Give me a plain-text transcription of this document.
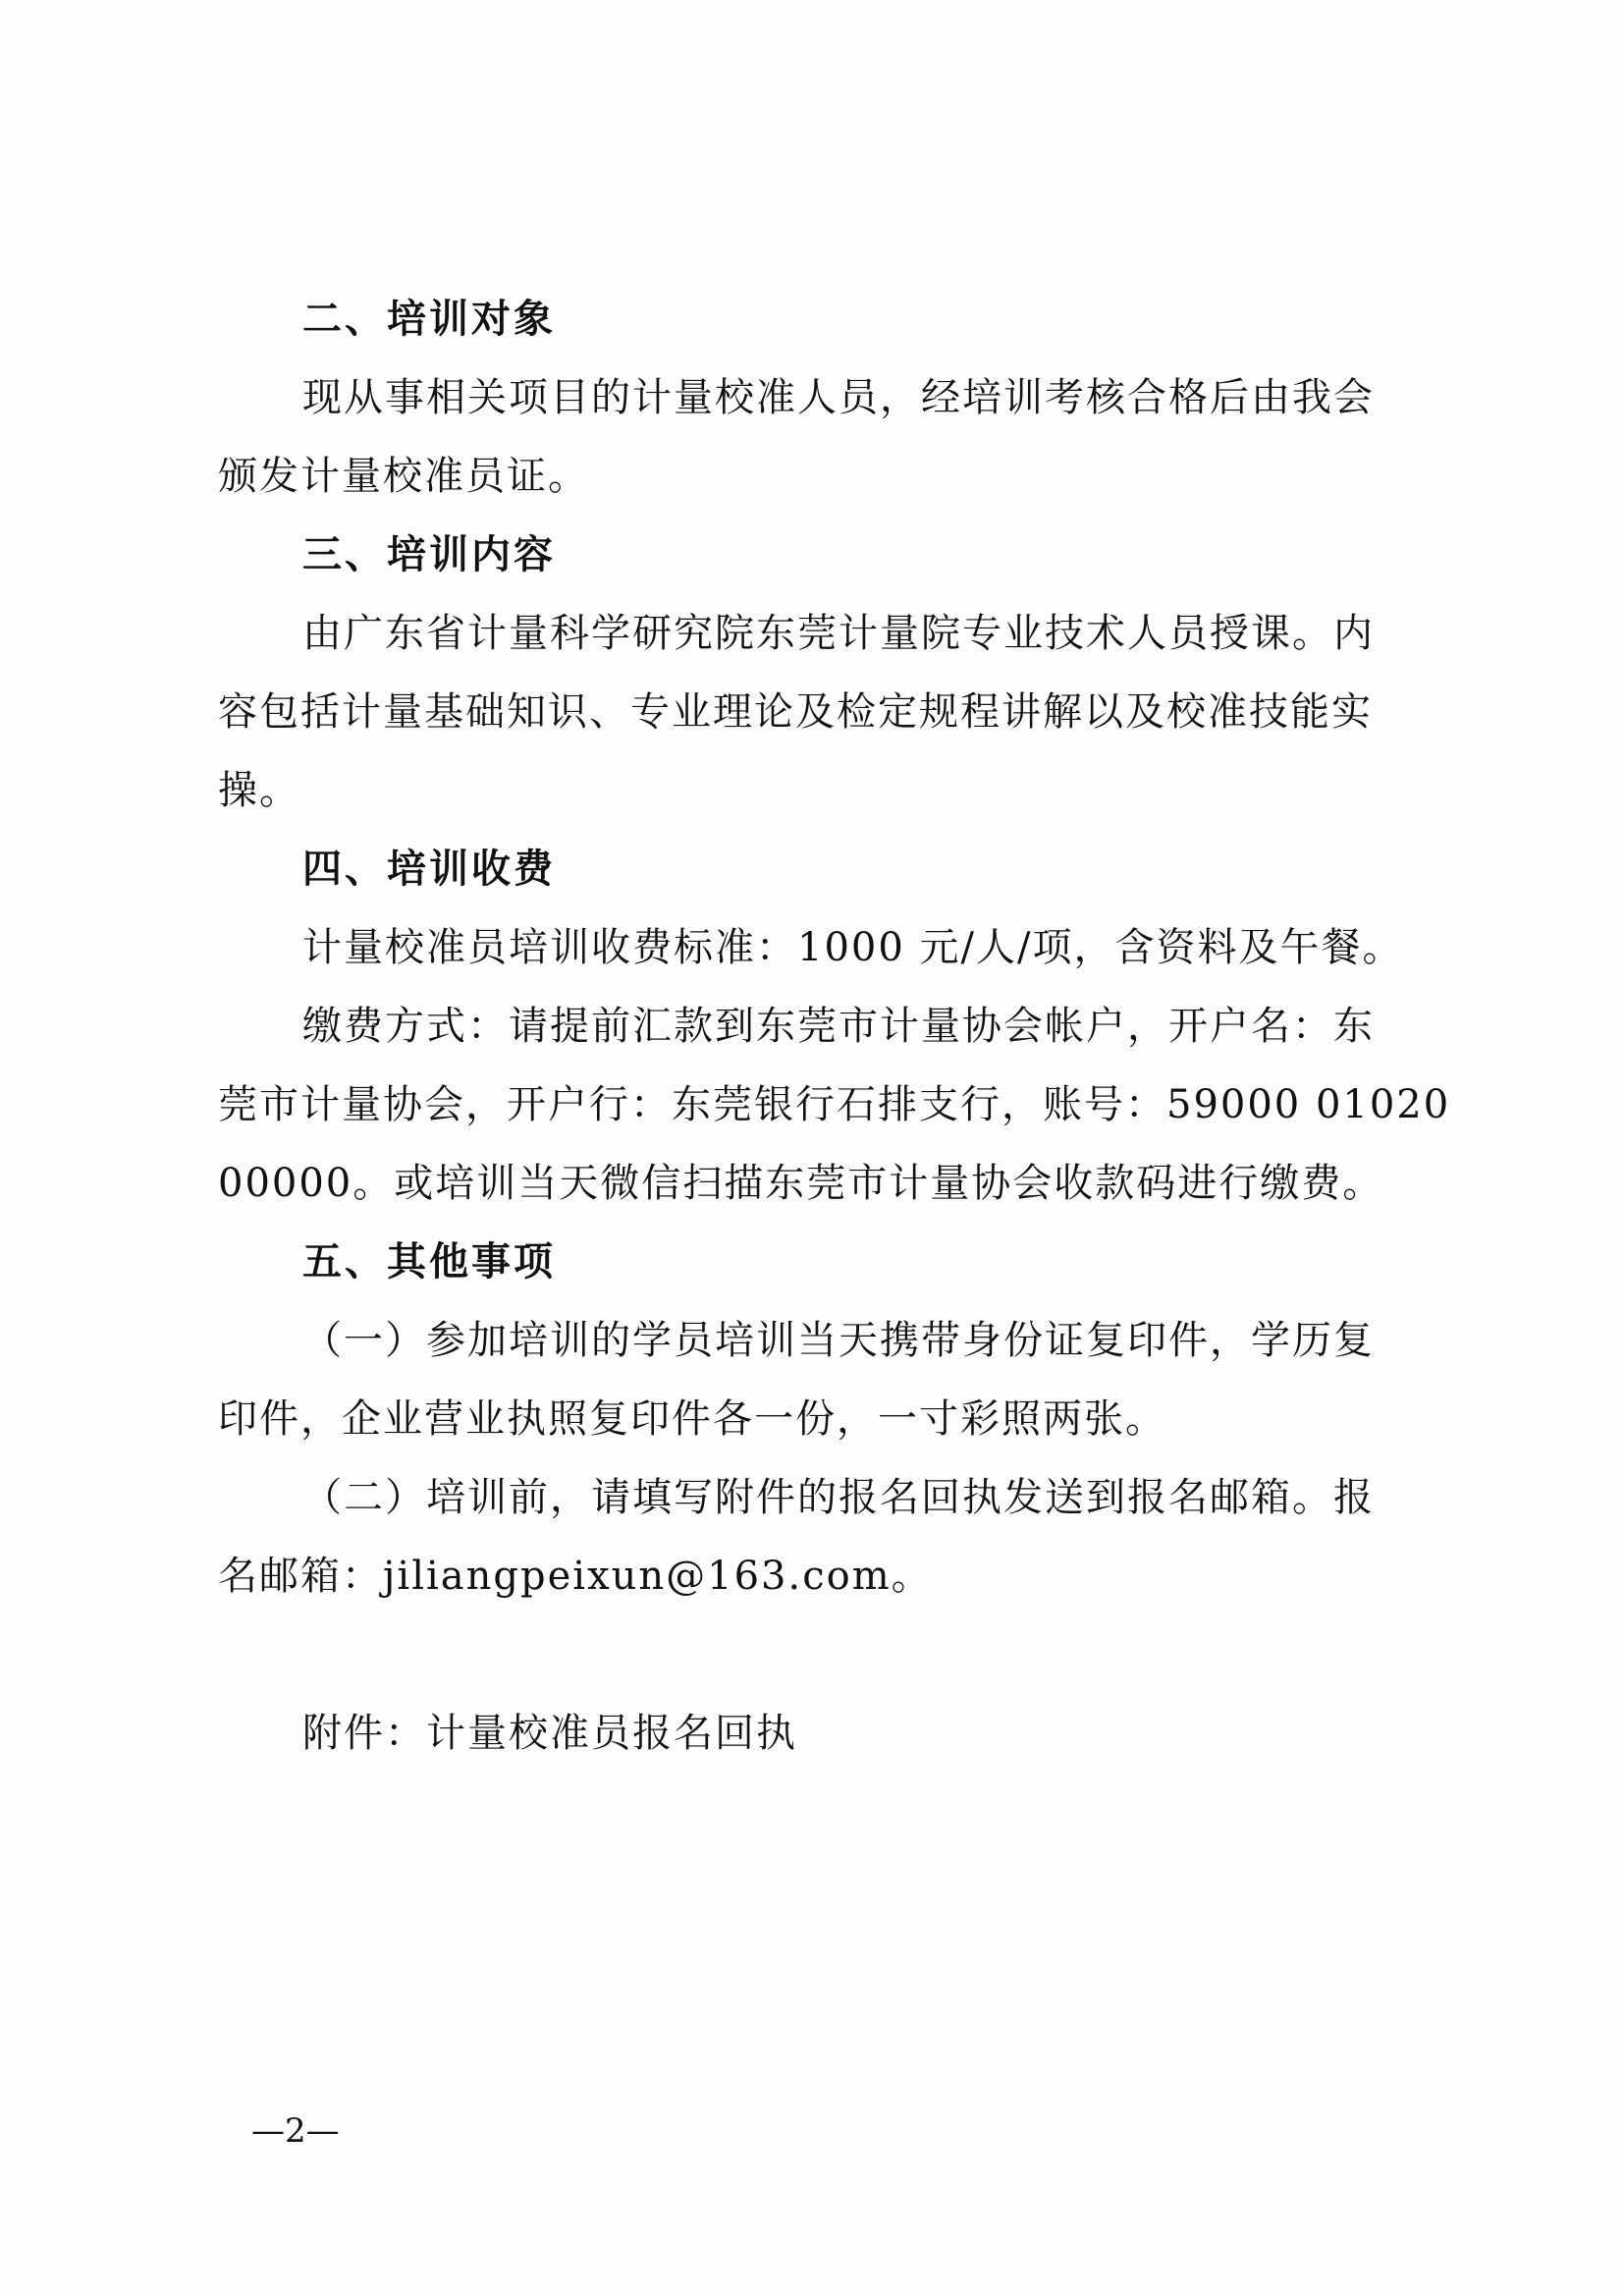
二、培训对象
现从事相关项目的计量校准人员，经培训考核合格后由我会
颁发计量校准员证。
三、培训内容
由广东省计量科学研究院东莞计量院专业技术人员授课。内
容包括计量基础知识、专业理论及检定规程讲解以及校准技能实
操。
四、培训收费
计量校准员培训收费标准：1000 元/人/项，含资料及午餐。
缴费方式：请提前汇款到东莞市计量协会帐户，开户名：东
莞市计量协会，开户行：东莞银行石排支行，账号：59000 01020
00000。或培训当天微信扫描东莞市计量协会收款码进行缴费。
五、其他事项
（一）参加培训的学员培训当天携带身份证复印件，学历复
印件，企业营业执照复印件各一份，一寸彩照两张。
（二）培训前，请填写附件的报名回执发送到报名邮箱。报
名邮箱：jiliangpeixun@163.com。
附件：计量校准员报名回执
—2—
